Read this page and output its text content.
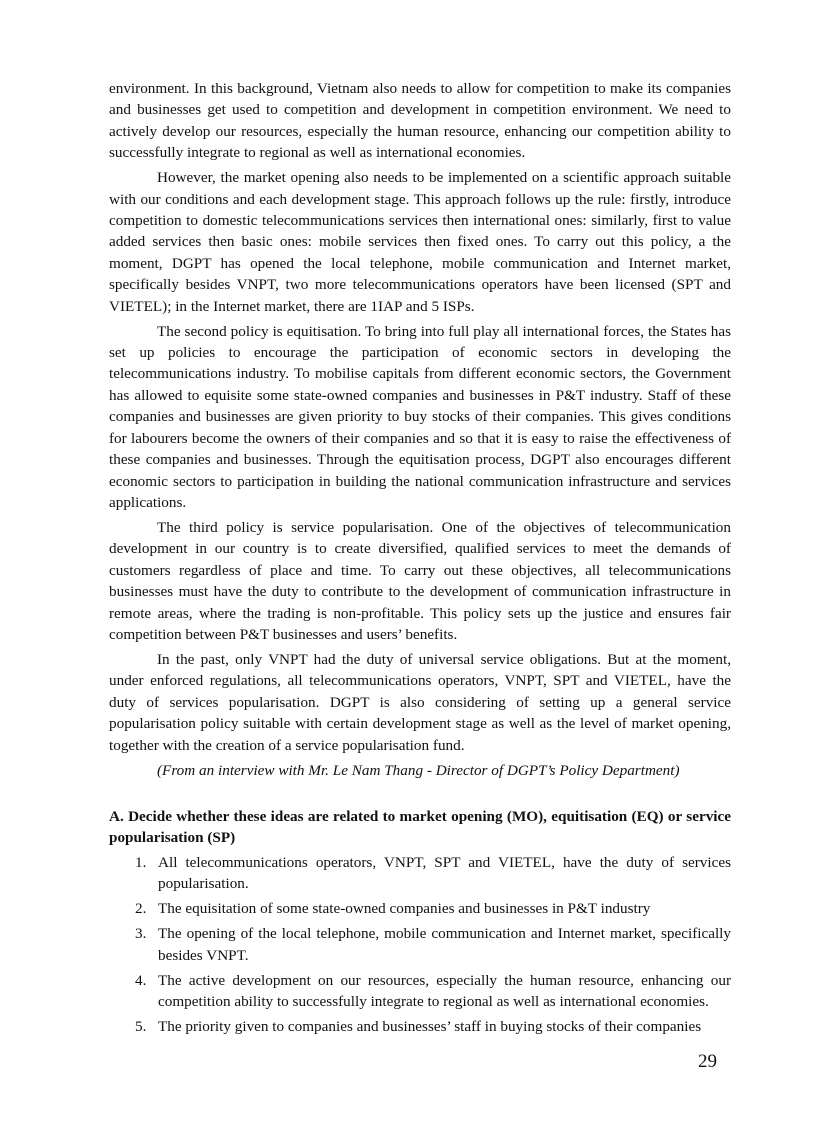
environment. In this background, Vietnam also needs to allow for competition to make its companies and businesses get used to competition and development in competition environment. We need to actively develop our resources, especially the human resource, enhancing our competition ability to successfully integrate to regional as well as international economies.

However, the market opening also needs to be implemented on a scientific approach suitable with our conditions and each development stage. This approach follows up the rule: firstly, introduce competition to domestic telecommunications services then international ones: similarly, first to value added services then basic ones: mobile services then fixed ones. To carry out this policy, a the moment, DGPT has opened the local telephone, mobile communication and Internet market, specifically besides VNPT, two more telecommunications operators have been licensed (SPT and VIETEL); in the Internet market, there are 1IAP and 5 ISPs.

The second policy is equitisation. To bring into full play all international forces, the States has set up policies to encourage the participation of economic sectors in developing the telecommunications industry. To mobilise capitals from different economic sectors, the Government has allowed to equisite some state-owned companies and businesses in P&T industry. Staff of these companies and businesses are given priority to buy stocks of their companies. This gives conditions for labourers become the owners of their companies and so that it is easy to raise the effectiveness of these companies and businesses. Through the equitisation process, DGPT also encourages different economic sectors to participation in building the national communication infrastructure and services applications.

The third policy is service popularisation. One of the objectives of telecommunication development in our country is to create diversified, qualified services to meet the demands of customers regardless of place and time. To carry out these objectives, all telecommunications businesses must have the duty to contribute to the development of communication infrastructure in remote areas, where the trading is non-profitable. This policy sets up the justice and ensures fair competition between P&T businesses and users’ benefits.

In the past, only VNPT had the duty of universal service obligations. But at the moment, under enforced regulations, all telecommunications operators, VNPT, SPT and VIETEL, have the duty of services popularisation. DGPT is also considering of setting up a general service popularisation policy suitable with certain development stage as well as the level of market opening, together with the creation of a service popularisation fund.

(From an interview with Mr. Le Nam Thang - Director of DGPT’s Policy Department)

A. Decide whether these ideas are related to market opening (MO), equitisation (EQ) or service popularisation (SP)
1. All telecommunications operators, VNPT, SPT and VIETEL, have the duty of services popularisation.
2. The equisitation of some state-owned companies and businesses in P&T industry
3. The opening of the local telephone, mobile communication and Internet market, specifically besides VNPT.
4. The active development on our resources, especially the human resource, enhancing our competition ability to successfully integrate to regional as well as international economies.
5. The priority given to companies and businesses’ staff in buying stocks of their companies
29
